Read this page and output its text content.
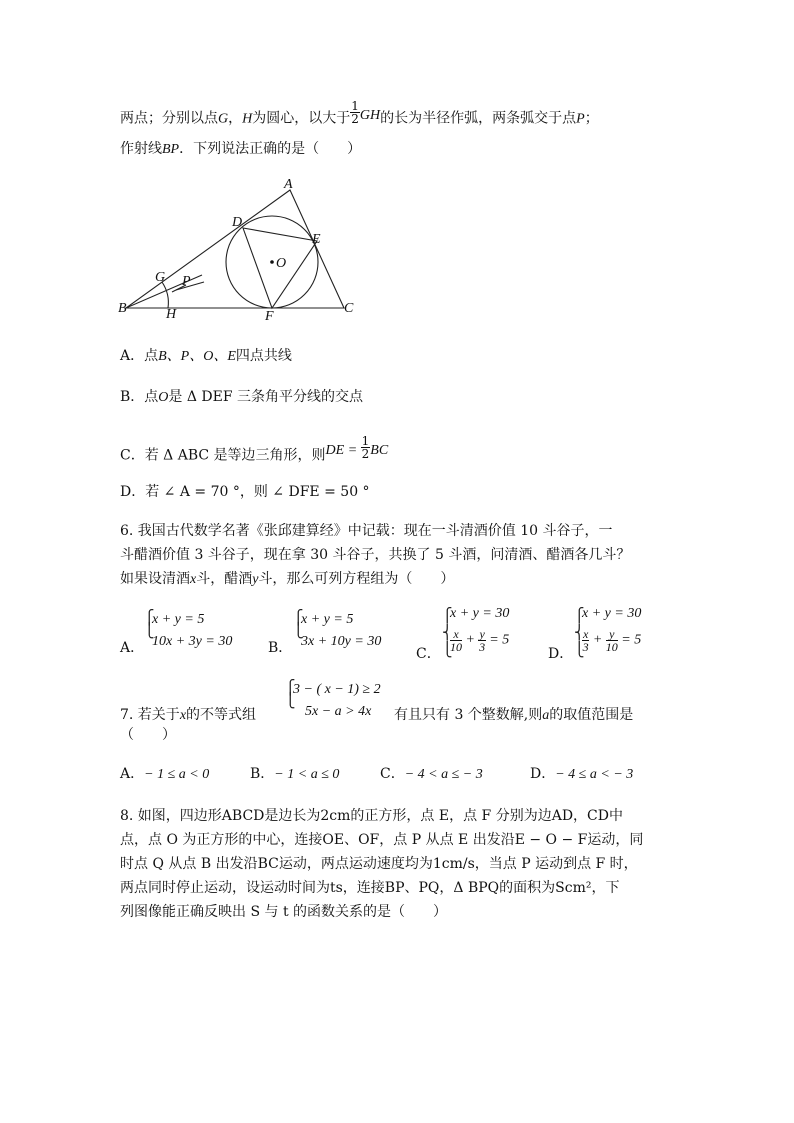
两点；分别以点G，H为圆心，以大于 $\frac{1}{2}$ GH的长为半径作弧，两条弧交于点P；
作射线BP．下列说法正确的是（　　）
A
D
E
O
G P
B	H	F
C
A．点B、P、O、E四点共线
B．点O是 Δ DEF 三条角平分线的交点
C．若 Δ ABC 是等边三角形，则DE = $\frac{1}{2}$ BC
D．若 ∠ A = 70 °，则 ∠ DFE = 50 °
6. 我国古代数学名著《张邱建算经》中记载：现在一斗清酒价值 10 斗谷子，一
斗醋酒价值 3 斗谷子，现在拿 30 斗谷子，共换了 5 斗酒，问清酒、醋酒各几斗？
如果设清酒x斗，醋酒y斗，那么可列方程组为（　　）
A．
⎧
⎩
x + y = 5
10x + 3y = 30	B．
⎧
⎩
x + y = 5
3x + 10y = 30
C．
⎧
⎨
⎩
x + y = 30
$\frac{x}{10} + \frac{y}{3} = 5$
D．
⎧
⎨
⎩
x + y = 30
$\frac{x}{3} + \frac{y}{10} = 5$
7. 若关于x的不等式组
⎧
⎩
3 − ( x − 1) ≥ 2
5x − a > 4x 有且只有 3 个整数解,则a的取值范围是
（　　）
A．− 1 ≤ a < 0	B．− 1 < a ≤ 0	C．− 4 < a ≤ − 3	D．− 4 ≤ a < − 3
8. 如图，四边形ABCD是边长为2cm的正方形，点 E，点 F 分别为边AD，CD中
点，点 O 为正方形的中心，连接OE、OF，点 P 从点 E 出发沿E − O − F运动，同
时点 Q 从点 B 出发沿BC运动，两点运动速度均为1cm/s，当点 P 运动到点 F 时，
两点同时停止运动，设运动时间为ts，连接BP、PQ，Δ BPQ的面积为Scm²，下
列图像能正确反映出 S 与 t 的函数关系的是（　　）
